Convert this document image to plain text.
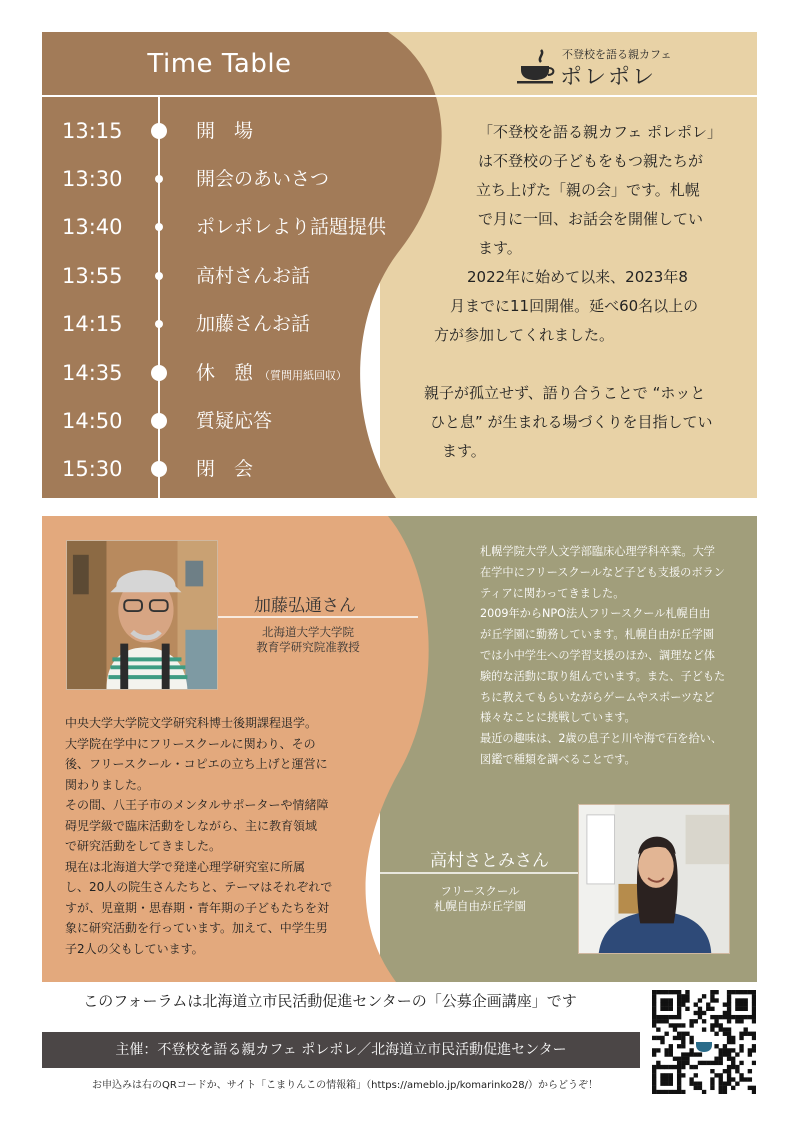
Time Table
13:15	開　場
13:30	開会のあいさつ
13:40	ポレポレより話題提供
13:55	高村さんお話
14:15	加藤さんお話
14:35	休　憩 （質問用紙回収）
14:50	質疑応答
15:30	閉　会
不登校を語る親カフェ
ポレポレ

「不登校を語る親カフェ ポレポレ」

は不登校の子どもをもつ親たちが

立ち上げた「親の会」です。札幌

で月に一回、お話会を開催してい

ます。

　2022年に始めて以来、2023年8

月までに11回開催。延べ60名以上の

方が参加してくれました。

親子が孤立せず、語り合うことで “ホッと

ひと息” が生まれる場づくりを目指してい

ます。

加藤弘通さん
北海道大学大学院
教育学研究院准教授

中央大学大学院文学研究科博士後期課程退学。

大学院在学中にフリースクールに関わり、その

後、フリースクール・コピエの立ち上げと運営に

関わりました。

その間、八王子市のメンタルサポーターや情緒障

碍児学級で臨床活動をしながら、主に教育領域

で研究活動をしてきました。

現在は北海道大学で発達心理学研究室に所属

し、20人の院生さんたちと、テーマはそれぞれで

すが、児童期・思春期・青年期の子どもたちを対

象に研究活動を行っています。加えて、中学生男

子2人の父もしています。

札幌学院大学人文学部臨床心理学科卒業。大学

在学中にフリースクールなど子ども支援のボラン

ティアに関わってきました。

2009年からNPO法人フリースクール札幌自由

が丘学園に勤務しています。札幌自由が丘学園

では小中学生への学習支援のほか、調理など体

験的な活動に取り組んでいます。また、子どもた

ちに教えてもらいながらゲームやスポーツなど

様々なことに挑戦しています。

最近の趣味は、2歳の息子と川や海で石を拾い、

図鑑で種類を調べることです。

高村さとみさん
フリースクール
札幌自由が丘学園
このフォーラムは北海道立市民活動促進センターの「公募企画講座」です
主催：不登校を語る親カフェ ポレポレ／北海道立市民活動促進センター
お申込みは右のQRコードか、サイト「こまりんこの情報箱」（https://ameblo.jp/komarinko28/）からどうぞ！
